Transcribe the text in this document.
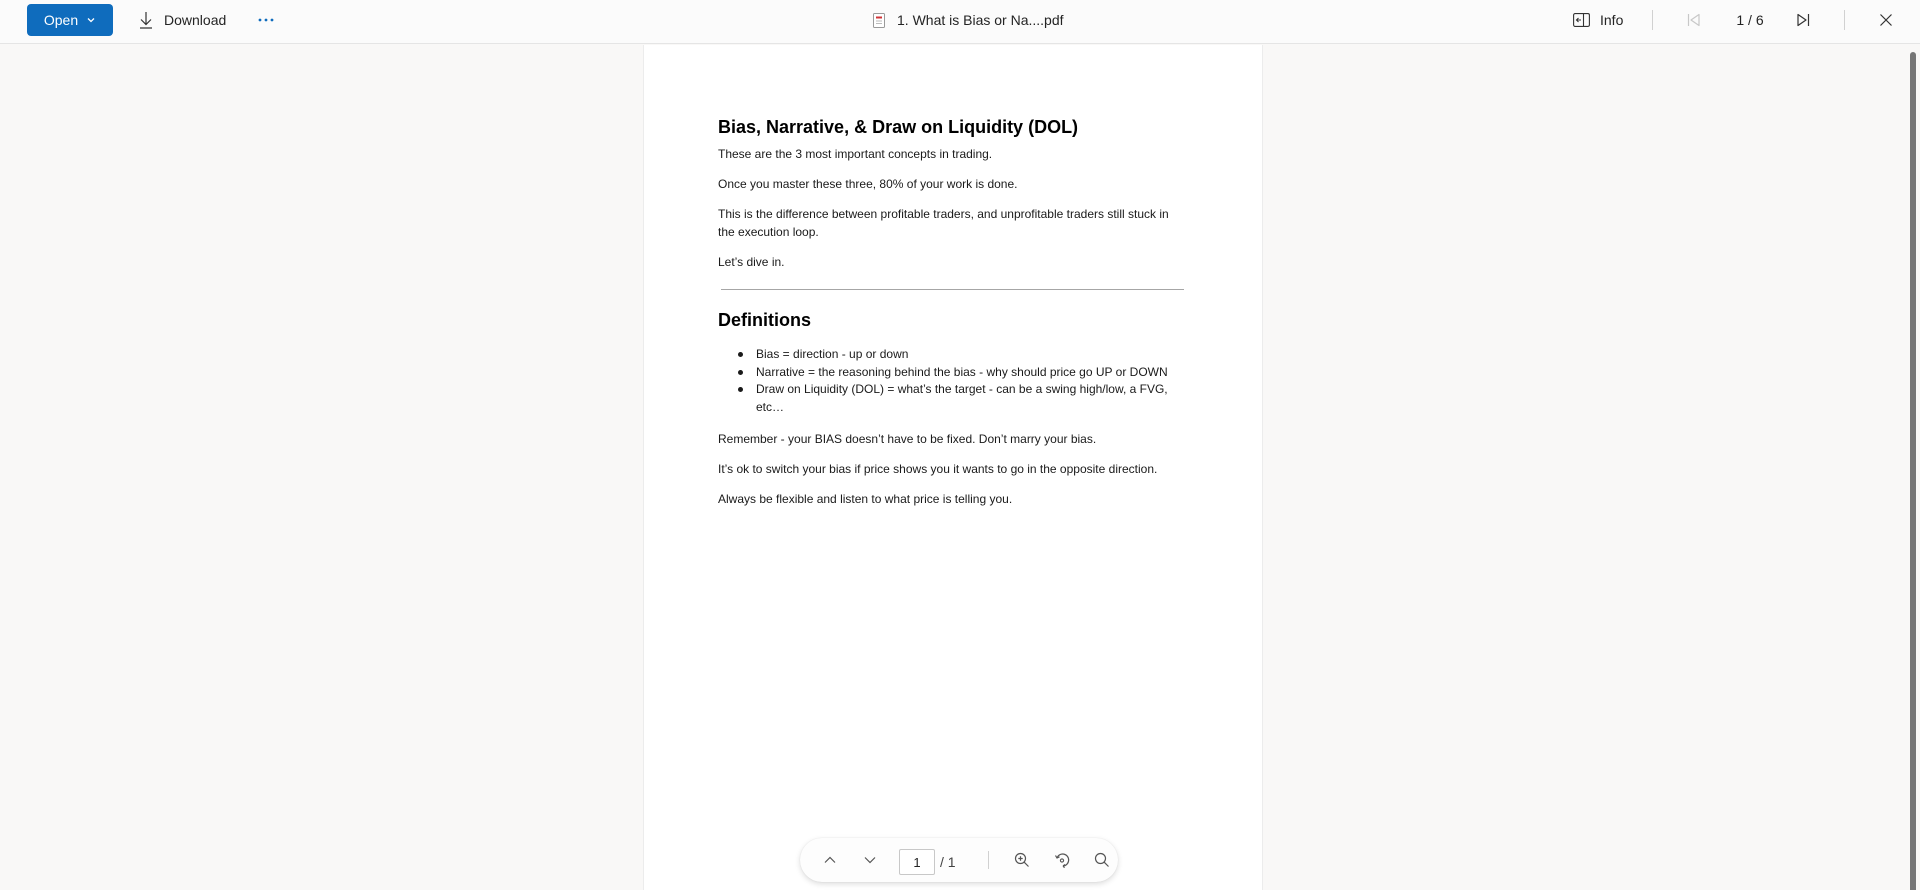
Open	Download	1. What is Bias or Na....pdf	Info	1 / 6
Bias, Narrative, & Draw on Liquidity (DOL)

These are the 3 most important concepts in trading.

Once you master these three, 80% of your work is done.

This is the difference between profitable traders, and unprofitable traders still stuck in the execution loop.

Let’s dive in.

Definitions
Bias = direction - up or down
Narrative = the reasoning behind the bias - why should price go UP or DOWN
Draw on Liquidity (DOL) = what’s the target - can be a swing high/low, a FVG, etc…

Remember - your BIAS doesn’t have to be fixed. Don’t marry your bias.

It’s ok to switch your bias if price shows you it wants to go in the opposite direction.

Always be flexible and listen to what price is telling you.

1
/ 1
